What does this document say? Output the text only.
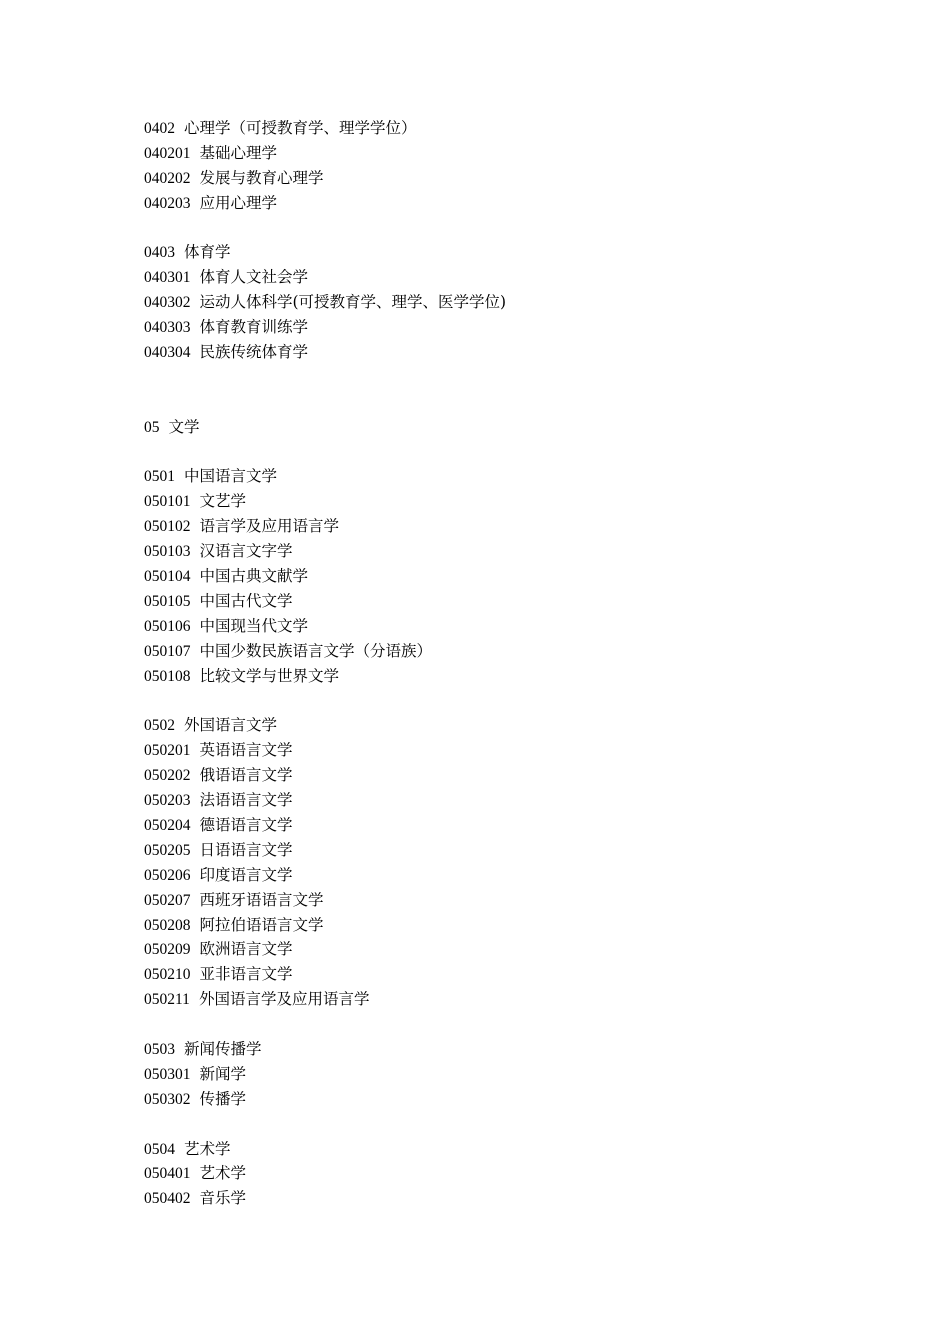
0402 心理学（可授教育学、理学学位）
040201 基础心理学
040202 发展与教育心理学
040203 应用心理学
0403 体育学
040301 体育人文社会学
040302 运动人体科学(可授教育学、理学、医学学位)
040303 体育教育训练学
040304 民族传统体育学
05 文学
0501 中国语言文学
050101 文艺学
050102 语言学及应用语言学
050103 汉语言文字学
050104 中国古典文献学
050105 中国古代文学
050106 中国现当代文学
050107 中国少数民族语言文学（分语族）
050108 比较文学与世界文学
0502 外国语言文学
050201 英语语言文学
050202 俄语语言文学
050203 法语语言文学
050204 德语语言文学
050205 日语语言文学
050206 印度语言文学
050207 西班牙语语言文学
050208 阿拉伯语语言文学
050209 欧洲语言文学
050210 亚非语言文学
050211 外国语言学及应用语言学
0503 新闻传播学
050301 新闻学
050302 传播学
0504 艺术学
050401 艺术学
050402 音乐学
